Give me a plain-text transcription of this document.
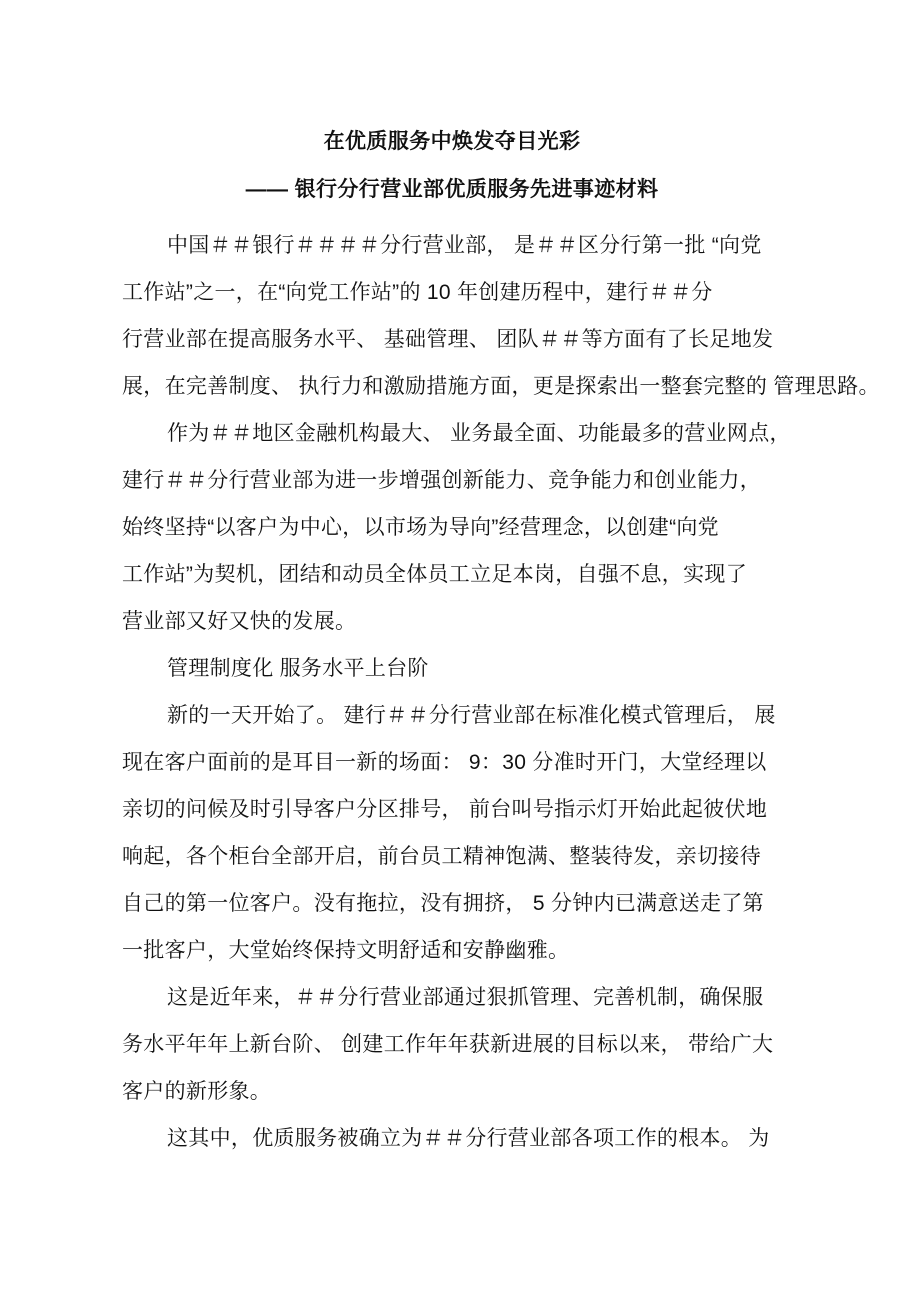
在优质服务中焕发夺目光彩
—— 银行分行营业部优质服务先进事迹材料

中国＃＃银行＃＃＃＃分行营业部， 是＃＃区分行第一批 “向党

工作站”之一，在“向党工作站”的 10 年创建历程中，建行＃＃分

行营业部在提高服务水平、 基础管理、 团队＃＃等方面有了长足地发

展，在完善制度、 执行力和激励措施方面，更是探索出一整套完整的 管理思路。

作为＃＃地区金融机构最大、 业务最全面、功能最多的营业网点，

建行＃＃分行营业部为进一步增强创新能力、竞争能力和创业能力，

始终坚持“以客户为中心，以市场为导向”经营理念，以创建“向党

工作站”为契机，团结和动员全体员工立足本岗，自强不息，实现了

营业部又好又快的发展。

管理制度化 服务水平上台阶

新的一天开始了。 建行＃＃分行营业部在标准化模式管理后， 展

现在客户面前的是耳目一新的场面： 9：30 分准时开门，大堂经理以

亲切的问候及时引导客户分区排号， 前台叫号指示灯开始此起彼伏地

响起，各个柜台全部开启，前台员工精神饱满、整装待发，亲切接待

自己的第一位客户。没有拖拉，没有拥挤， 5 分钟内已满意送走了第

一批客户，大堂始终保持文明舒适和安静幽雅。

这是近年来，＃＃分行营业部通过狠抓管理、完善机制，确保服

务水平年年上新台阶、 创建工作年年获新进展的目标以来， 带给广大

客户的新形象。

这其中，优质服务被确立为＃＃分行营业部各项工作的根本。 为
